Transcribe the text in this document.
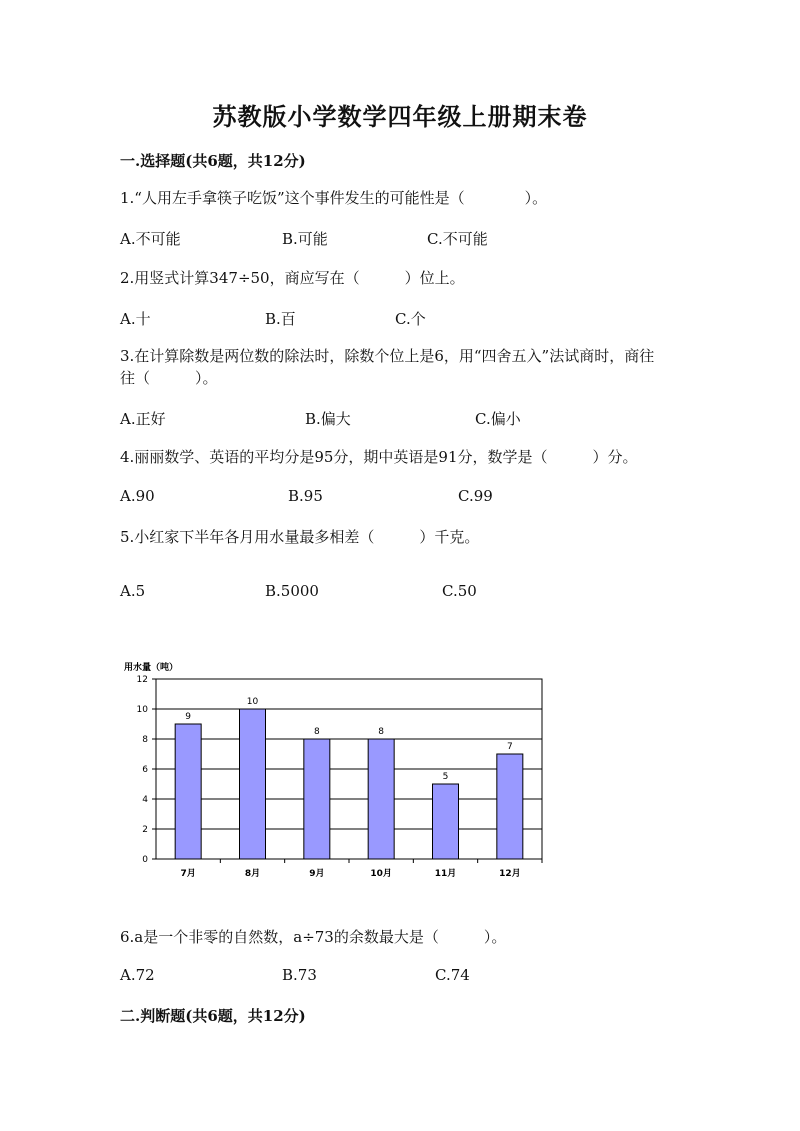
苏教版小学数学四年级上册期末卷
一.选择题(共6题，共12分)
1.“人用左手拿筷子吃饭”这个事件发生的可能性是（　　　　）。
A.不可能	B.可能	C.不可能
2.用竖式计算347÷50，商应写在（　　　）位上。
A.十	B.百	C.个
3.在计算除数是两位数的除法时，除数个位上是6，用“四舍五入”法试商时，商往往（　　　）。
A.正好	B.偏大	C.偏小
4.丽丽数学、英语的平均分是95分，期中英语是91分，数学是（　　　）分。
A.90	B.95	C.99
5.小红家下半年各月用水量最多相差（　　　）千克。
A.5	B.5000	C.50
用水量（吨）
0
2
4
6
8
10
12
9
7月
10
8月
8
9月
8
10月
5
11月
7
12月
6.a是一个非零的自然数，a÷73的余数最大是（　　　）。
A.72	B.73	C.74
二.判断题(共6题，共12分)
